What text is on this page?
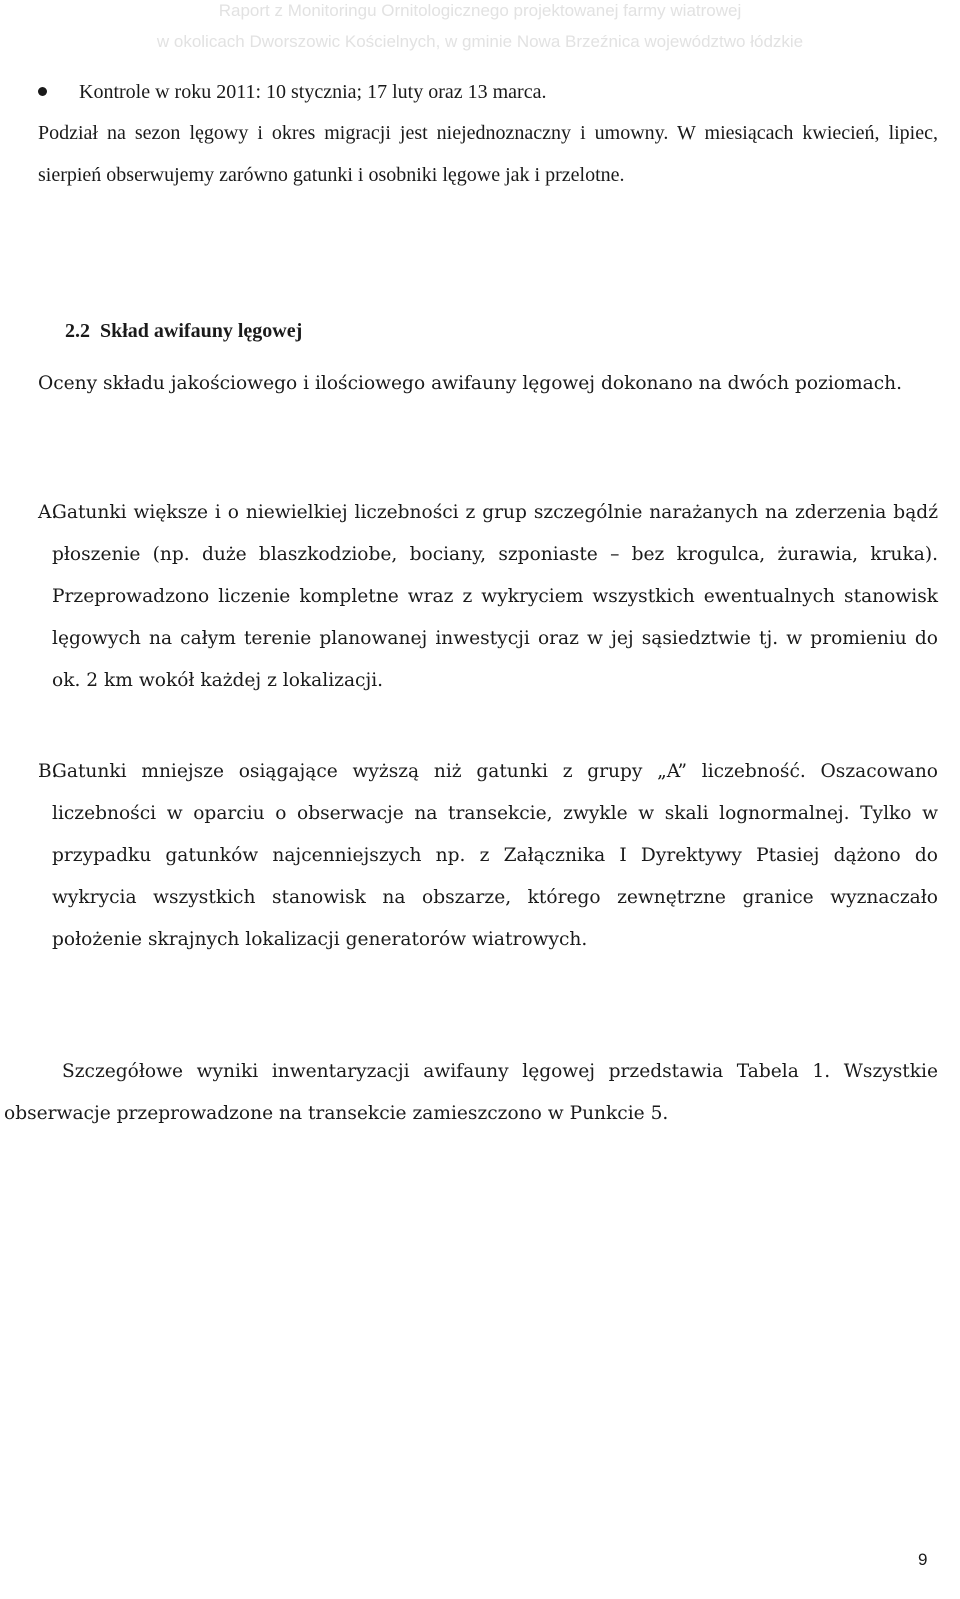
Raport z Monitoringu Ornitologicznego projektowanej farmy wiatrowej
w okolicach Dworszowic Kościelnych, w gminie Nowa Brzeźnica województwo łódzkie
Kontrole w roku 2011: 10 stycznia; 17 luty oraz 13 marca.

Podział na sezon lęgowy i okres migracji jest niejednoznaczny i umowny. W miesiącach kwiecień, lipiec, sierpień obserwujemy zarówno gatunki i osobniki lęgowe jak i przelotne.

2.2 Skład awifauny lęgowej

Oceny składu jakościowego i ilościowego awifauny lęgowej dokonano na dwóch poziomach.

A.
Gatunki większe i o niewielkiej liczebności z grup szczególnie narażanych na zderzenia bądź płoszenie (np. duże blaszkodziobe, bociany, szponiaste – bez krogulca, żurawia, kruka). Przeprowadzono liczenie kompletne wraz z wykryciem wszystkich ewentualnych stanowisk lęgowych na całym terenie planowanej inwestycji oraz w jej sąsiedztwie tj. w promieniu do ok. 2 km wokół każdej z lokalizacji.
B.
Gatunki mniejsze osiągające wyższą niż gatunki z grupy „A” liczebność. Oszacowano liczebności w oparciu o obserwacje na transekcie, zwykle w skali lognormalnej. Tylko w przypadku gatunków najcenniejszych np. z Załącznika I Dyrektywy Ptasiej dążono do wykrycia wszystkich stanowisk na obszarze, którego zewnętrzne granice wyznaczało położenie skrajnych lokalizacji generatorów wiatrowych.

Szczegółowe wyniki inwentaryzacji awifauny lęgowej przedstawia Tabela 1. Wszystkie obserwacje przeprowadzone na transekcie zamieszczono w Punkcie 5.

9
